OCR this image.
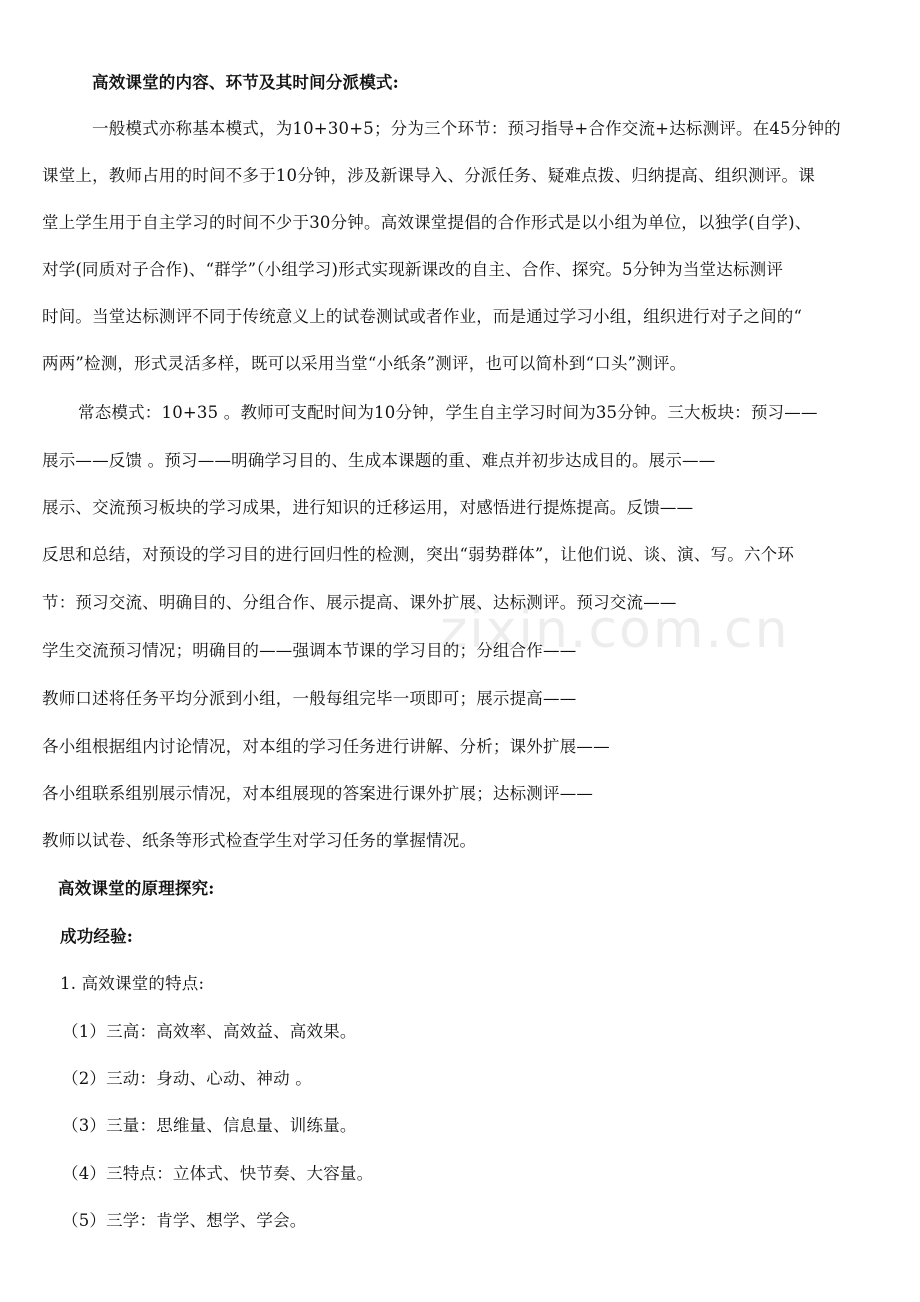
高效课堂的内容、环节及其时间分派模式:
一般模式亦称基本模式，为10+30+5；分为三个环节：预习指导+合作交流+达标测评。在45分钟的
课堂上，教师占用的时间不多于10分钟，涉及新课导入、分派任务、疑难点拨、归纳提高、组织测评。课
堂上学生用于自主学习的时间不少于30分钟。高效课堂提倡的合作形式是以小组为单位，以独学(自学)、
对学(同质对子合作)、“群学”（小组学习)形式实现新课改的自主、合作、探究。5分钟为当堂达标测评
时间。当堂达标测评不同于传统意义上的试卷测试或者作业，而是通过学习小组，组织进行对子之间的“
两两”检测，形式灵活多样，既可以采用当堂“小纸条”测评，也可以简朴到“口头”测评。
常态模式：10+35 。教师可支配时间为10分钟，学生自主学习时间为35分钟。三大板块：预习——
展示——反馈 。预习——明确学习目的、生成本课题的重、难点并初步达成目的。展示——
展示、交流预习板块的学习成果，进行知识的迁移运用，对感悟进行提炼提高。反馈——
反思和总结，对预设的学习目的进行回归性的检测，突出“弱势群体”，让他们说、谈、演、写。六个环
节：预习交流、明确目的、分组合作、展示提高、课外扩展、达标测评。预习交流——
学生交流预习情况；明确目的——强调本节课的学习目的；分组合作——
教师口述将任务平均分派到小组，一般每组完毕一项即可；展示提高——
各小组根据组内讨论情况，对本组的学习任务进行讲解、分析；课外扩展——
各小组联系组别展示情况，对本组展现的答案进行课外扩展；达标测评——
教师以试卷、纸条等形式检查学生对学习任务的掌握情况。
高效课堂的原理探究:
成功经验:
1. 高效课堂的特点:
（1）三高：高效率、高效益、高效果。
（2）三动：身动、心动、神动 。
（3）三量：思维量、信息量、训练量。
（4）三特点：立体式、快节奏、大容量。
（5）三学：肯学、想学、学会。
zixin.com.cn
